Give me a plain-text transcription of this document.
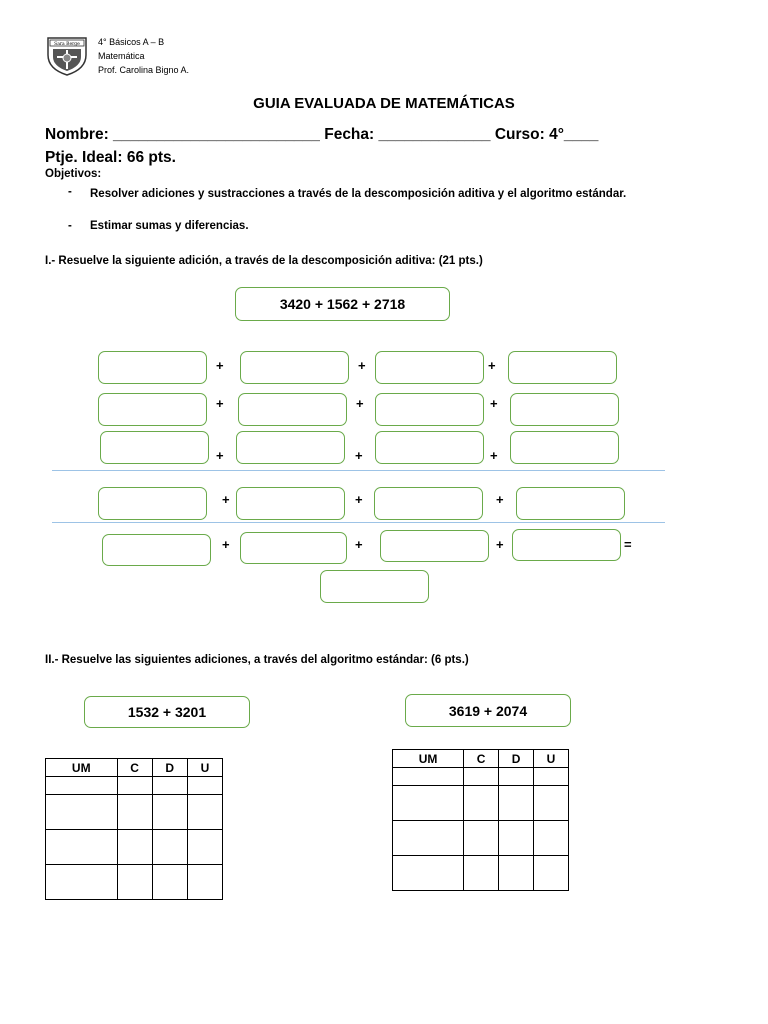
Sara Berge 4° Básicos A – B
Matemática
Prof. Carolina Bigno A.
GUIA EVALUADA DE MATEMÁTICAS
Nombre: ________________________ Fecha: _____________ Curso: 4°____
Ptje. Ideal: 66 pts.
Objetivos:
- Resolver adiciones y sustracciones a través de la descomposición aditiva y el algoritmo estándar.
- Estimar sumas y diferencias.
I.- Resuelve la siguiente adición, a través de la descomposición aditiva: (21 pts.)
3420 + 1562 + 2718
+	+	+
+	+	+
+	+	+
+	+	+
+	+	+	=
II.- Resuelve las siguientes adiciones, a través del algoritmo estándar: (6 pts.)
1532 + 3201	3619 + 2074
UM	C	D	U

UM	C	D	U
